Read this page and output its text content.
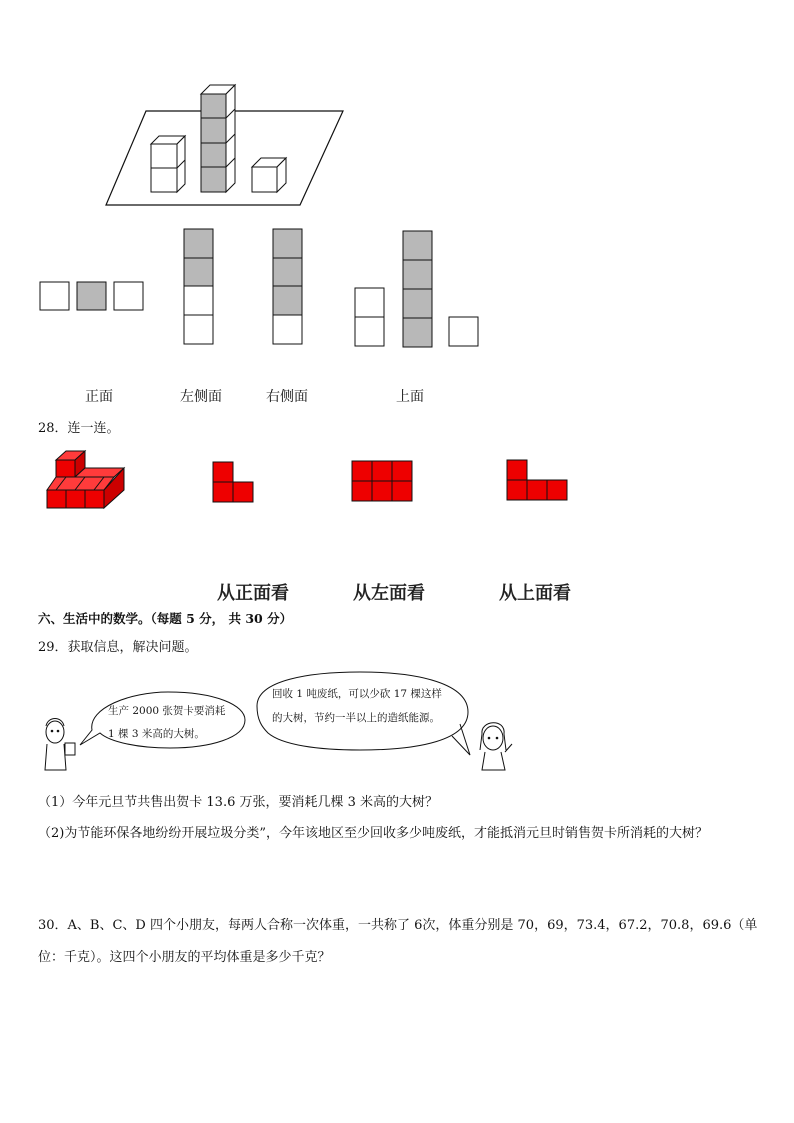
正面	左侧面	右侧面	上面
28．连一连。
从正面看	从左面看	从上面看
六、生活中的数学。（每题 5 分， 共 30 分）
29．获取信息，解决问题。
生产 2000 张贺卡要消耗
1 棵 3 米高的大树。
回收 1 吨废纸，可以少砍 17 棵这样
的大树，节约一半以上的造纸能源。
（1）今年元旦节共售出贺卡 13.6 万张，要消耗几棵 3 米高的大树？
（2)为节能环保各地纷纷开展垃圾分类”，今年该地区至少回收多少吨废纸，才能抵消元旦时销售贺卡所消耗的大树？
30．A、B、C、D 四个小朋友，每两人合称一次体重，一共称了 6次，体重分别是 70，69，73.4，67.2，70.8，69.6（单
位：千克）。这四个小朋友的平均体重是多少千克？
